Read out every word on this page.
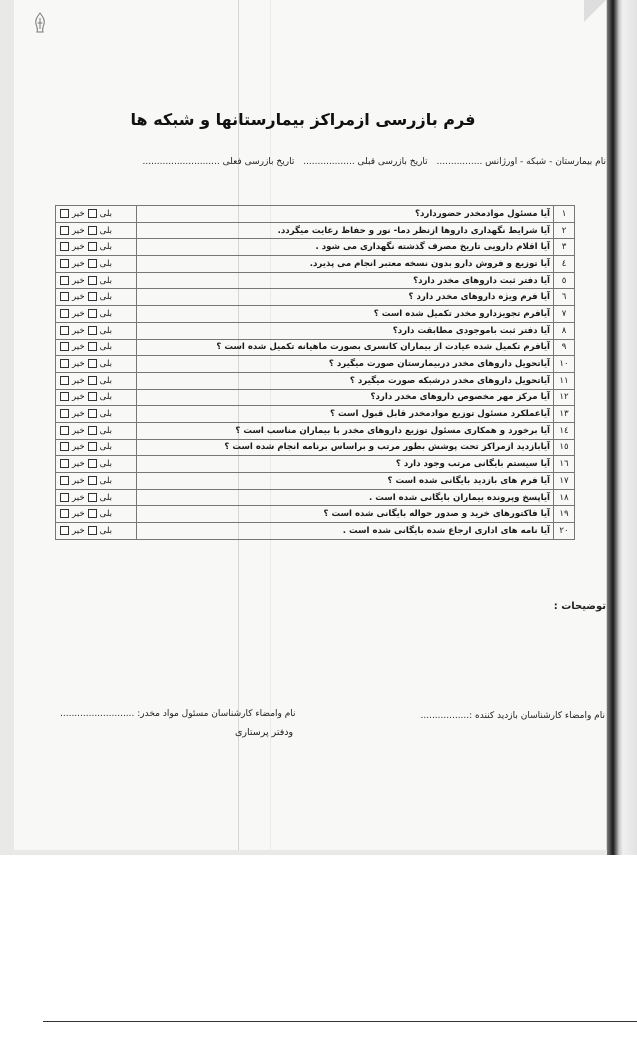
فرم بازرسی ازمراکز بیمارستانها و شبکه ها
نام بیمارستان - شبکه - اورژانس ................ تاریخ بازرسی قبلی .................. تاریخ بازرسی فعلی ...........................
۱	آیا مسئول موادمخدر حضوردارد؟	بلیخیر
۲	آیا شرایط نگهداری داروها ازنظر دما- نور و حفاظ رعایت میگردد.	بلیخیر
۳	آیا اقلام دارویی تاریخ مصرف گذشته نگهداری می شود .	بلیخیر
٤	آیا توزیع و فروش دارو بدون نسخه معتبر انجام می پذیرد.	بلیخیر
٥	آیا دفتر ثبت داروهای مخدر دارد؟	بلیخیر
٦	آیا فرم ویژه داروهای مخدر دارد ؟	بلیخیر
۷	آیافرم تجویزدارو مخدر تکمیل شده است ؟	بلیخیر
۸	آیا دفتر ثبت باموجودی مطابقت دارد؟	بلیخیر
۹	آیافرم تکمیل شده عیادت از بیماران کانسری بصورت ماهیانه تکمیل شده است ؟	بلیخیر
۱۰	آیاتحویل داروهای مخدر دربیمارستان صورت میگیرد ؟	بلیخیر
۱۱	آیاتحویل داروهای مخدر درشبکه صورت میگیرد ؟	بلیخیر
۱۲	آیا مرکز مهر مخصوص داروهای مخدر دارد؟	بلیخیر
۱۳	آیاعملکرد مسئول توزیع موادمخدر قابل قبول است ؟	بلیخیر
١٤	آیا برخورد و همکاری مسئول توزیع داروهای مخدر با بیماران مناسب است ؟	بلیخیر
١٥	آیابازدید ازمراکز تحت پوشش بطور مرتب و براساس برنامه انجام شده است ؟	بلیخیر
١٦	آیا سیستم بایگانی مرتب وجود دارد ؟	بلیخیر
۱۷	آیا فرم های بازدید بایگانی شده است ؟	بلیخیر
۱۸	آیاپسخ وپرونده بیماران بایگانی شده است .	بلیخیر
۱۹	آیا فاکتورهای خرید و صدور حواله بایگانی شده است ؟	بلیخیر
۲۰	آیا نامه های اداری ارجاع شده بایگانی شده است .	بلیخیر
توضیحات :
نام وامضاء کارشناسان بازدید کننده :.................
نام وامضاء کارشناسان مسئول مواد مخدر: ..........................
ودفتر پرستاری
